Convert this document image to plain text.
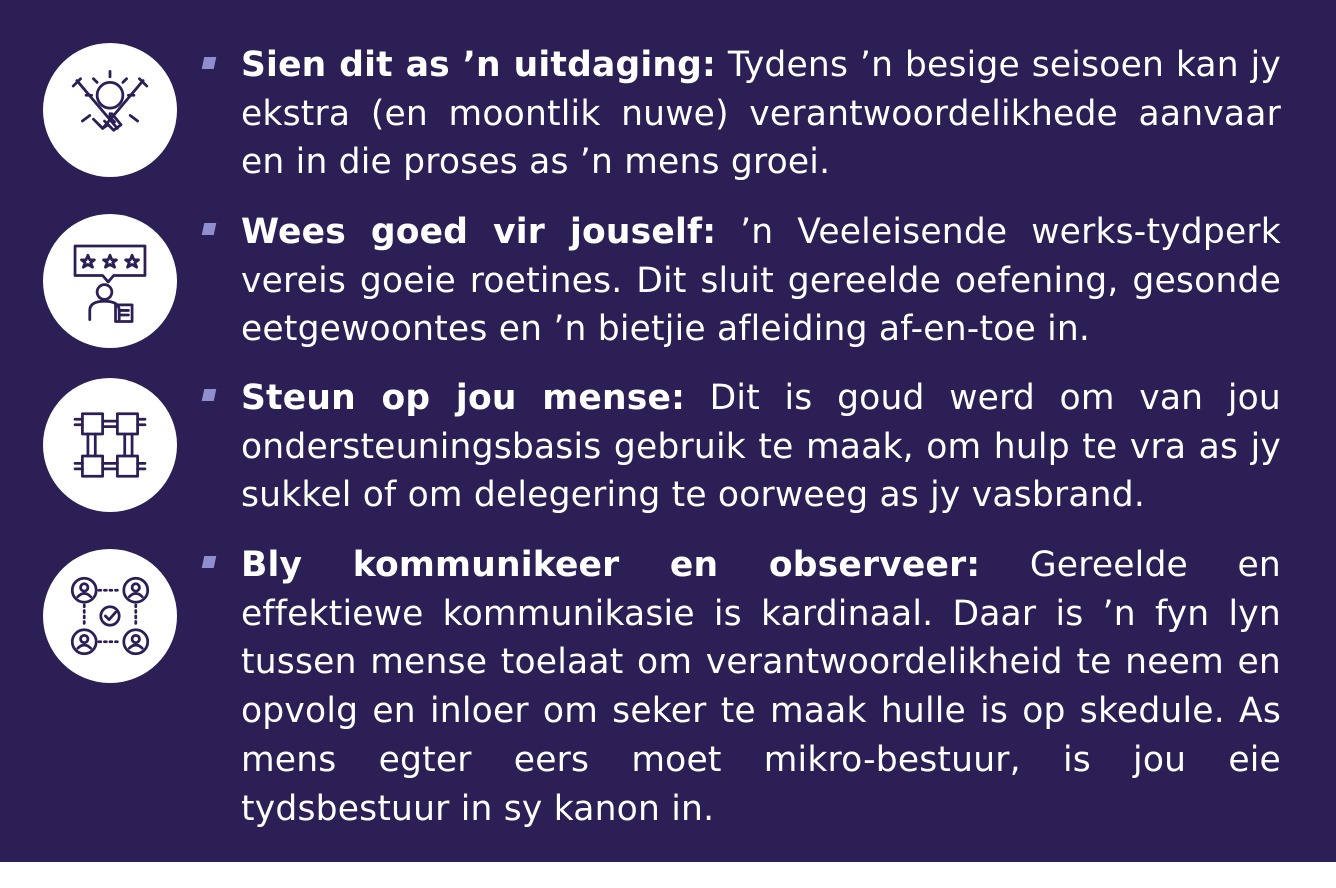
Sien dit as ’n uitdaging: Tydens ’n besige seisoen kan jy ekstra (en moontlik nuwe) verantwoordelikhede aanvaar en in die proses as ’n mens groei.
Wees goed vir jouself: ’n Veeleisende werks-tydperk vereis goeie roetines. Dit sluit gereelde oefening, gesonde eetgewoontes en ’n bietjie afleiding af-en-toe in.
Steun op jou mense: Dit is goud werd om van jou ondersteuningsbasis gebruik te maak, om hulp te vra as jy sukkel of om delegering te oorweeg as jy vasbrand.
Bly kommunikeer en observeer: Gereelde en effektiewe kommunikasie is kardinaal. Daar is ’n fyn lyn tussen mense toelaat om verantwoordelikheid te neem en opvolg en inloer om seker te maak hulle is op skedule. As mens egter eers moet mikro-bestuur, is jou eie tydsbestuur in sy kanon in.
